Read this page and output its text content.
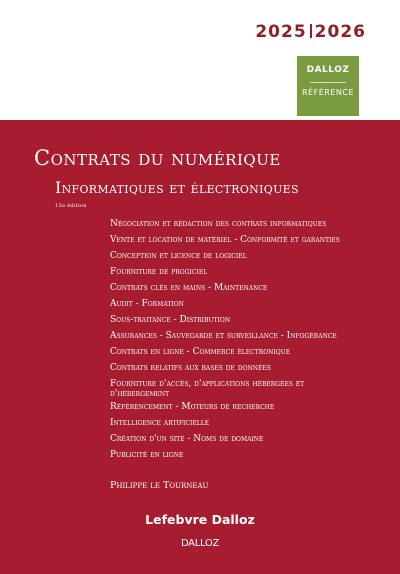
2025 2026
DALLOZ
RÉFÉRENCE
Contrats du numérique
Informatiques et électroniques
13e édition
Négociation et rédaction des contrats informatiques
Vente et location de matériel - Conformité et garanties
Conception et licence de logiciel
Fourniture de progiciel
Contrats clés en mains - Maintenance
Audit - Formation
Sous-traitance - Distribution
Assurances - Sauvegarde et surveillance - Infogérance
Contrats en ligne - Commerce électronique
Contrats relatifs aux bases de données
Fourniture d'accès, d'applications hébergées et d'hébergement
Référencement - Moteurs de recherche
Intelligence artificielle
Création d'un site - Noms de domaine
Publicité en ligne
Philippe le Tourneau
Lefebvre Dalloz
DALLOZ
